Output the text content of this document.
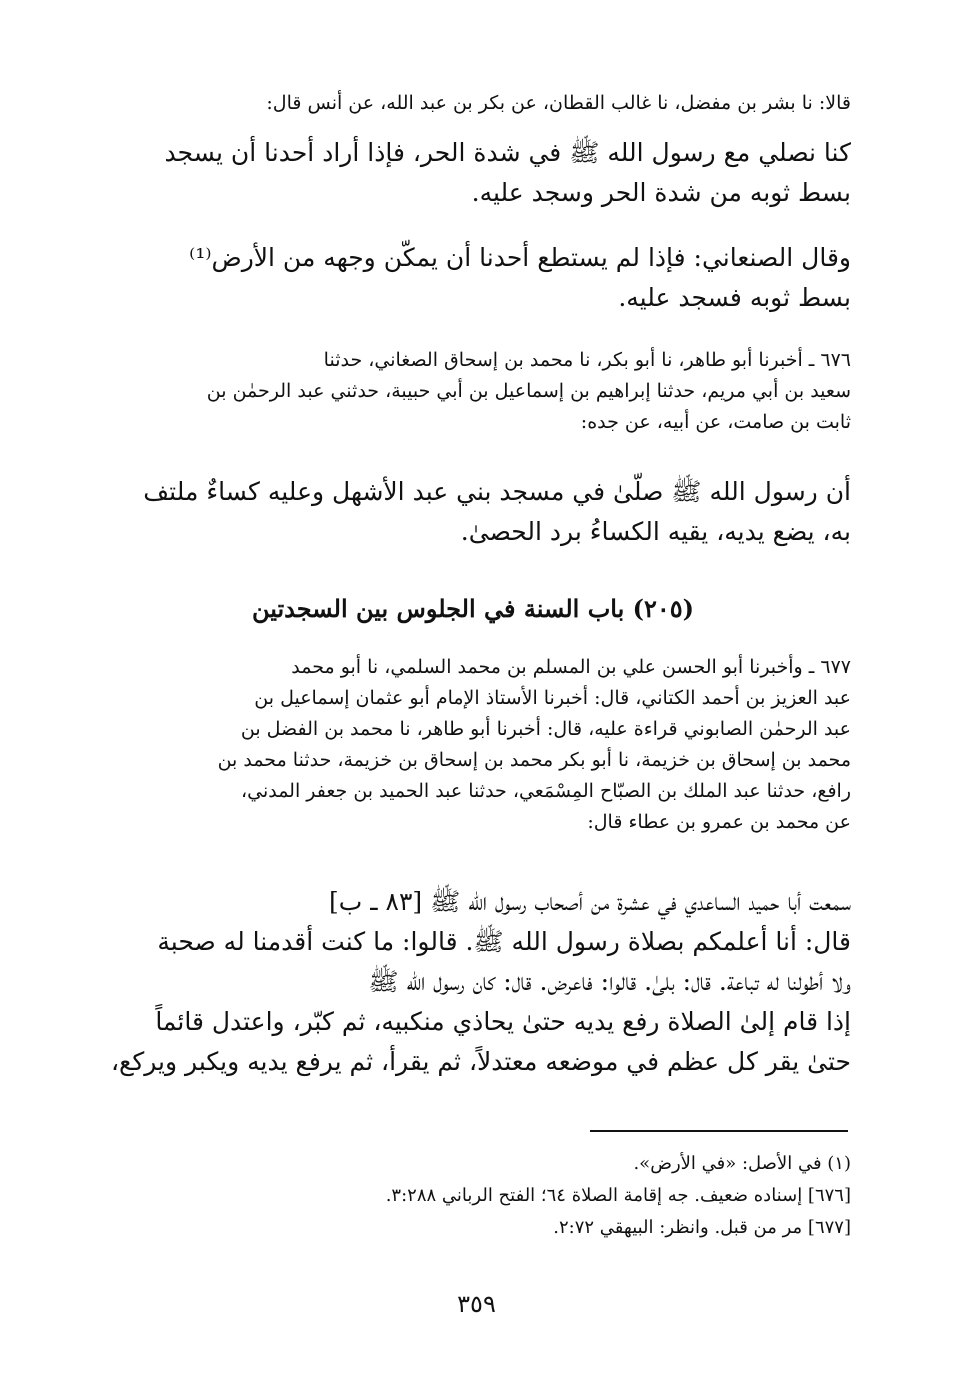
قالا: نا بشر بن مفضل، نا غالب القطان، عن بكر بن عبد الله، عن أنس قال:
كنا نصلي مع رسول الله ﷺ في شدة الحر، فإذا أراد أحدنا أن يسجد
بسط ثوبه من شدة الحر وسجد عليه.
وقال الصنعاني: فإذا لم يستطع أحدنا أن يمكّن وجهه من الأرض⁽¹⁾
بسط ثوبه فسجد عليه.
٦٧٦ ـ أخبرنا أبو طاهر، نا أبو بكر، نا محمد بن إسحاق الصغاني، حدثنا
سعيد بن أبي مريم، حدثنا إبراهيم بن إسماعيل بن أبي حبيبة، حدثني عبد الرحمٰن بن
ثابت بن صامت، عن أبيه، عن جده:
أن رسول الله ﷺ صلّىٰ في مسجد بني عبد الأشهل وعليه كساءٌ ملتف
به، يضع يديه، يقيه الكساءُ برد الحصىٰ.
(٢٠٥) باب السنة في الجلوس بين السجدتين
٦٧٧ ـ وأخبرنا أبو الحسن علي بن المسلم بن محمد السلمي، نا أبو محمد
عبد العزيز بن أحمد الكتاني، قال: أخبرنا الأستاذ الإمام أبو عثمان إسماعيل بن
عبد الرحمٰن الصابوني قراءة عليه، قال: أخبرنا أبو طاهر، نا محمد بن الفضل بن
محمد بن إسحاق بن خزيمة، نا أبو بكر محمد بن إسحاق بن خزيمة، حدثنا محمد بن
رافع، حدثنا عبد الملك بن الصبّاح المِسْمَعي، حدثنا عبد الحميد بن جعفر المدني،
عن محمد بن عمرو بن عطاء قال:
سمعت أبا حميد الساعدي في عشرة من أصحاب رسول الله ﷺ [٨٣ ـ ب]
قال: أنا أعلمكم بصلاة رسول الله ﷺ. قالوا: ما كنت أقدمنا له صحبة
ولا أطولنا له تباعة. قال: بلىٰ. قالوا: فاعرض. قال: كان رسول الله ﷺ
إذا قام إلىٰ الصلاة رفع يديه حتىٰ يحاذي منكبيه، ثم كبّر، واعتدل قائماً
حتىٰ يقر كل عظم في موضعه معتدلاً، ثم يقرأ، ثم يرفع يديه ويكبر ويركع،
(١) في الأصل: «في الأرض».
[٦٧٦] إسناده ضعيف. جه إقامة الصلاة ٦٤؛ الفتح الرباني ٣:٢٨٨.
[٦٧٧] مر من قبل. وانظر: البيهقي ٢:٧٢.
٣٥٩
